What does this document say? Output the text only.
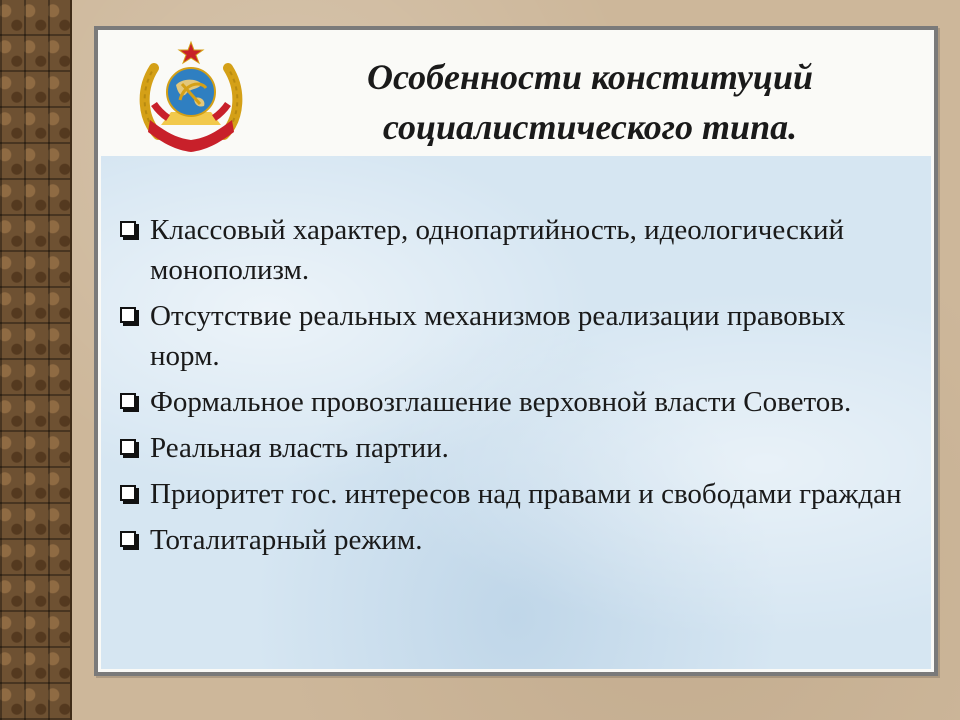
Особенности конституций
социалистического типа.
Классовый характер, однопартийность, идеологический монополизм.
Отсутствие реальных механизмов реализации правовых норм.
Формальное провозглашение верховной власти Советов.
Реальная власть партии.
Приоритет гос. интересов над правами и свободами граждан
Тоталитарный режим.
